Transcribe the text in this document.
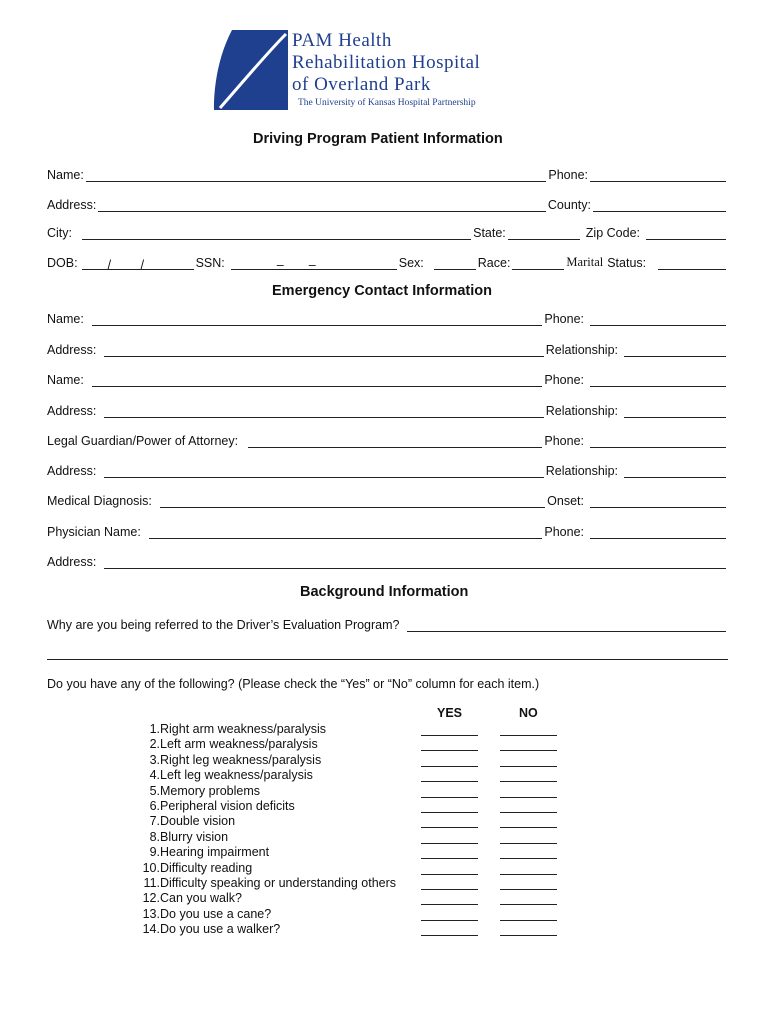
PAM Health
Rehabilitation Hospital
of Overland Park
® The University of Kansas Hospital Partnership
Driving Program Patient Information
Name:	Phone:
Address:	County:
City:	State:	Zip Code:
DOB: / /	SSN:	– –	Sex:	Race:	Marital Status:
Emergency Contact Information
Name:	Phone:
Address:	Relationship:
Name:	Phone:
Address:	Relationship:
Legal Guardian/Power of Attorney:	Phone:
Address:	Relationship:
Medical Diagnosis:	Onset:
Physician Name:	Phone:
Address:
Background Information
Why are you being referred to the Driver’s Evaluation Program?
Do you have any of the following? (Please check the “Yes” or “No” column for each item.)
YES	NO
1. Right arm weakness/paralysis
2. Left arm weakness/paralysis
3. Right leg weakness/paralysis
4. Left leg weakness/paralysis
5. Memory problems
6. Peripheral vision deficits
7. Double vision
8. Blurry vision
9. Hearing impairment
10. Difficulty reading
11. Difficulty speaking or understanding others
12. Can you walk?
13. Do you use a cane?
14. Do you use a walker?
